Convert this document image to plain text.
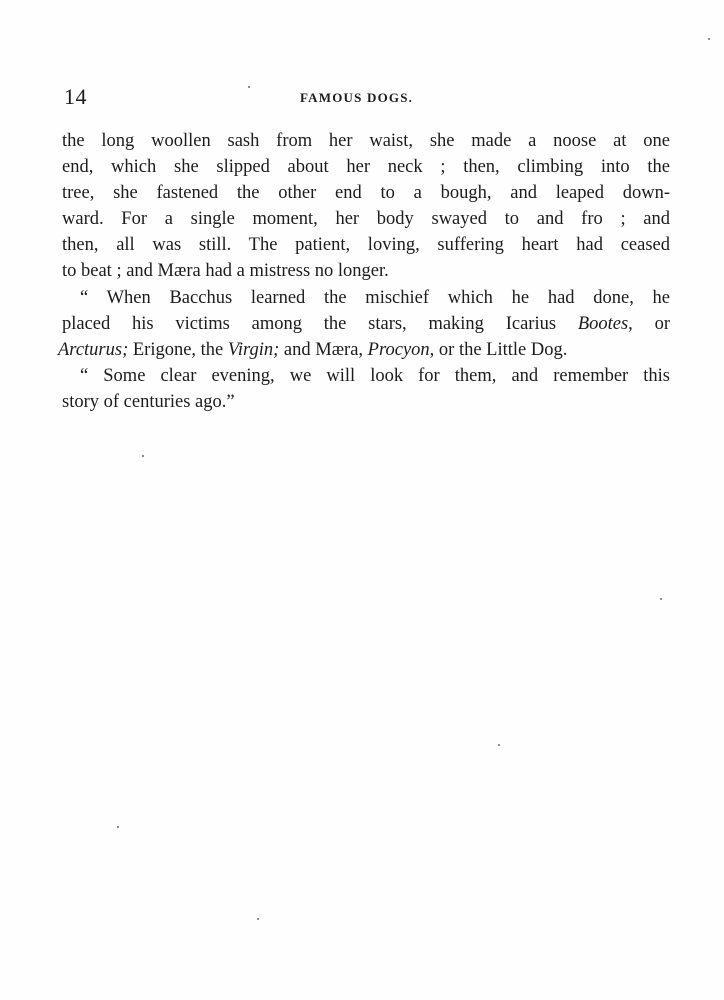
14	FAMOUS DOGS.
the long woollen sash from her waist, she made a noose at one
end, which she slipped about her neck ; then, climbing into the
tree, she fastened the other end to a bough, and leaped down-
ward. For a single moment, her body swayed to and fro ; and
then, all was still. The patient, loving, suffering heart had ceased
to beat ; and Mæra had a mistress no longer.
“ When Bacchus learned the mischief which he had done, he
placed his victims among the stars, making Icarius Bootes, or
Arcturus; Erigone, the Virgin; and Mæra, Procyon, or the Little Dog.
“ Some clear evening, we will look for them, and remember this
story of centuries ago.”
